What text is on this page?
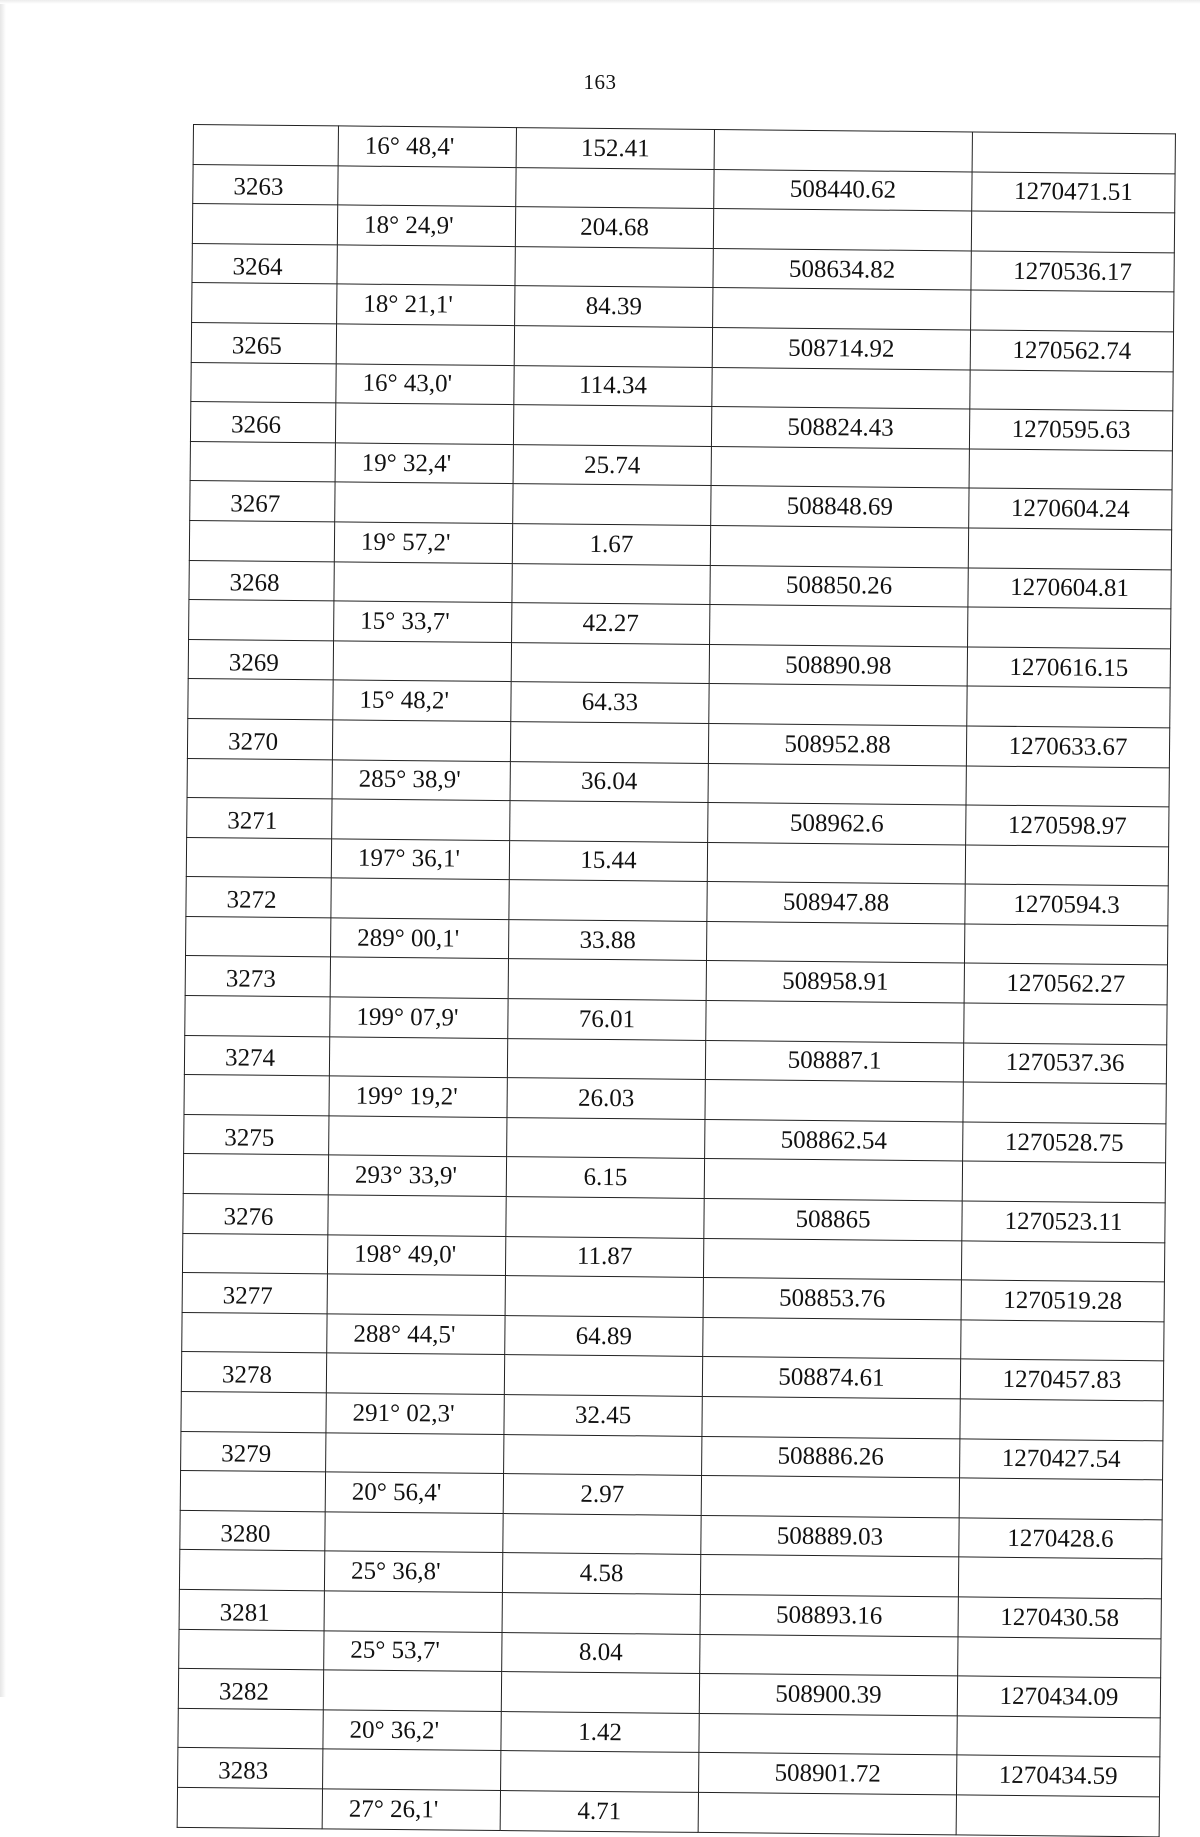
163
	16° 48,4'	152.41		
3263			508440.62	1270471.51
	18° 24,9'	204.68		
3264			508634.82	1270536.17
	18° 21,1'	84.39		
3265			508714.92	1270562.74
	16° 43,0'	114.34		
3266			508824.43	1270595.63
	19° 32,4'	25.74		
3267			508848.69	1270604.24
	19° 57,2'	1.67		
3268			508850.26	1270604.81
	15° 33,7'	42.27		
3269			508890.98	1270616.15
	15° 48,2'	64.33		
3270			508952.88	1270633.67
	285° 38,9'	36.04		
3271			508962.6	1270598.97
	197° 36,1'	15.44		
3272			508947.88	1270594.3
	289° 00,1'	33.88		
3273			508958.91	1270562.27
	199° 07,9'	76.01		
3274			508887.1	1270537.36
	199° 19,2'	26.03		
3275			508862.54	1270528.75
	293° 33,9'	6.15		
3276			508865	1270523.11
	198° 49,0'	11.87		
3277			508853.76	1270519.28
	288° 44,5'	64.89		
3278			508874.61	1270457.83
	291° 02,3'	32.45		
3279			508886.26	1270427.54
	20° 56,4'	2.97		
3280			508889.03	1270428.6
	25° 36,8'	4.58		
3281			508893.16	1270430.58
	25° 53,7'	8.04		
3282			508900.39	1270434.09
	20° 36,2'	1.42		
3283			508901.72	1270434.59
	27° 26,1'	4.71		
